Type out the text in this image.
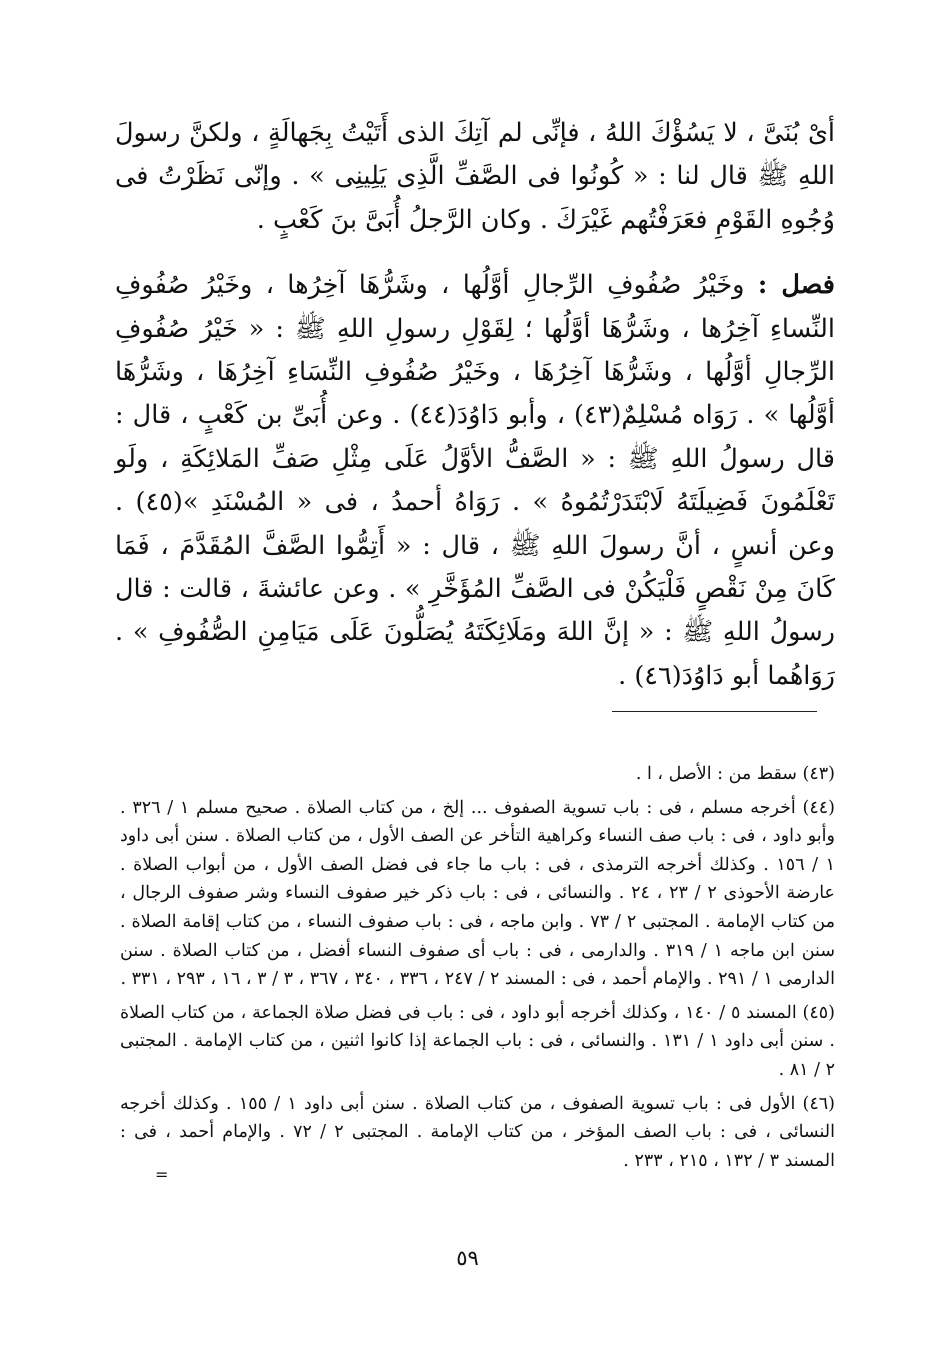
أىْ بُنَىَّ ، لا يَسُؤْكَ اللهُ ، فإنِّى لم آتِكَ الذى أَتَيْتُ بِجَهالَةٍ ، ولكنَّ رسولَ اللهِ ﷺ قال لنا : « كُونُوا فى الصَّفِّ الَّذِى يَلِينِى » . وإنّى نَظَرْتُ فى وُجُوهِ القَوْمِ فعَرَفْتُهم غَيْرَكَ . وكان الرَّجلُ أُبَىَّ بنَ كَعْبٍ .

فصل : وخَيْرُ صُفُوفِ الرِّجالِ أوَّلُها ، وشَرُّهَا آخِرُها ، وخَيْرُ صُفُوفِ النِّساءِ آخِرُها ، وشَرُّهَا أوَّلُها ؛ لِقَوْلِ رسولِ اللهِ ﷺ : « خَيْرُ صُفُوفِ الرِّجالِ أوَّلُها ، وشَرُّهَا آخِرُهَا ، وخَيْرُ صُفُوفِ النِّسَاءِ آخِرُهَا ، وشَرُّهَا أوَّلُها » . رَوَاه مُسْلِمٌ(٤٣) ، وأبو دَاوُدَ(٤٤) . وعن أُبَىِّ بن كَعْبٍ ، قال : قال رسولُ اللهِ ﷺ : « الصَّفُّ الأوَّلُ عَلَى مِثْلِ صَفِّ المَلائِكَةِ ، ولَو تَعْلَمُونَ فَضِيلَتَهُ لَابْتَدَرْتُمُوهُ » . رَوَاهُ أحمدُ ، فى « المُسْنَدِ »(٤٥) . وعن أنسٍ ، أنَّ رسولَ اللهِ ﷺ ، قال : « أَتِمُّوا الصَّفَّ المُقَدَّمَ ، فَمَا كَانَ مِنْ نَقْصٍ فَلْيَكُنْ فى الصَّفِّ المُؤَخَّرِ » . وعن عائشةَ ، قالت : قال رسولُ اللهِ ﷺ : « إنَّ اللهَ ومَلَائِكَتَهُ يُصَلُّونَ عَلَى مَيَامِنِ الصُّفُوفِ » . رَوَاهُما أبو دَاوُدَ(٤٦) .

(٤٣) سقط من : الأصل ، ا .

(٤٤) أخرجه مسلم ، فى : باب تسوية الصفوف ... إلخ ، من كتاب الصلاة . صحيح مسلم ١ / ٣٢٦ . وأبو داود ، فى : باب صف النساء وكراهية التأخر عن الصف الأول ، من كتاب الصلاة . سنن أبى داود ١ / ١٥٦ . وكذلك أخرجه الترمذى ، فى : باب ما جاء فى فضل الصف الأول ، من أبواب الصلاة . عارضة الأحوذى ٢ / ٢٣ ، ٢٤ . والنسائى ، فى : باب ذكر خير صفوف النساء وشر صفوف الرجال ، من كتاب الإمامة . المجتبى ٢ / ٧٣ . وابن ماجه ، فى : باب صفوف النساء ، من كتاب إقامة الصلاة . سنن ابن ماجه ١ / ٣١٩ . والدارمى ، فى : باب أى صفوف النساء أفضل ، من كتاب الصلاة . سنن الدارمى ١ / ٢٩١ . والإمام أحمد ، فى : المسند ٢ / ٢٤٧ ، ٣٣٦ ، ٣٤٠ ، ٣٦٧ ، ٣ / ٣ ، ١٦ ، ٢٩٣ ، ٣٣١ .

(٤٥) المسند ٥ / ١٤٠ ، وكذلك أخرجه أبو داود ، فى : باب فى فضل صلاة الجماعة ، من كتاب الصلاة . سنن أبى داود ١ / ١٣١ . والنسائى ، فى : باب الجماعة إذا كانوا اثنين ، من كتاب الإمامة . المجتبى ٢ / ٨١ .

(٤٦) الأول فى : باب تسوية الصفوف ، من كتاب الصلاة . سنن أبى داود ١ / ١٥٥ . وكذلك أخرجه النسائى ، فى : باب الصف المؤخر ، من كتاب الإمامة . المجتبى ٢ / ٧٢ . والإمام أحمد ، فى : المسند ٣ / ١٣٢ ، ٢١٥ ، ٢٣٣ .

=
٥٩
